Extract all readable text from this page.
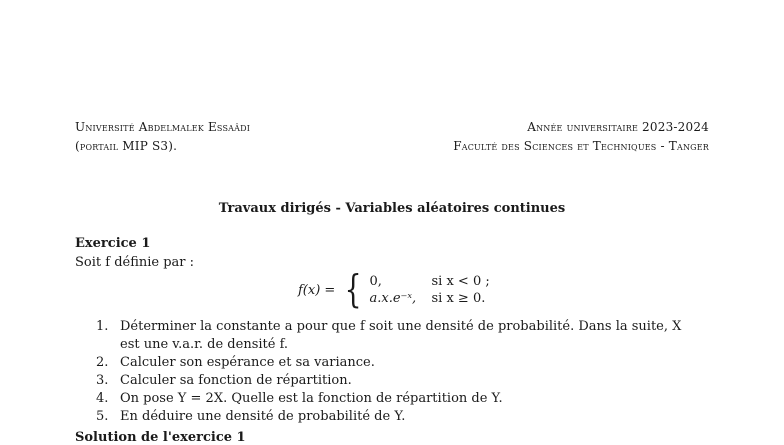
Université Abdelmalek Essaâdi	Année universitaire 2023-2024
(portail MIP S3).	Faculté des Sciences et Techniques - Tanger
Travaux dirigés - Variables aléatoires continues
Exercice 1
Soit f définie par :
f(x) = { 0,	si x < 0 ;
a.x.e⁻ˣ,	si x ≥ 0.
1. Déterminer la constante a pour que f soit une densité de probabilité. Dans la suite, X
est une v.a.r. de densité f.
2. Calculer son espérance et sa variance.
3. Calculer sa fonction de répartition.
4. On pose Y = 2X. Quelle est la fonction de répartition de Y.
5. En déduire une densité de probabilité de Y.
Solution de l'exercice 1
